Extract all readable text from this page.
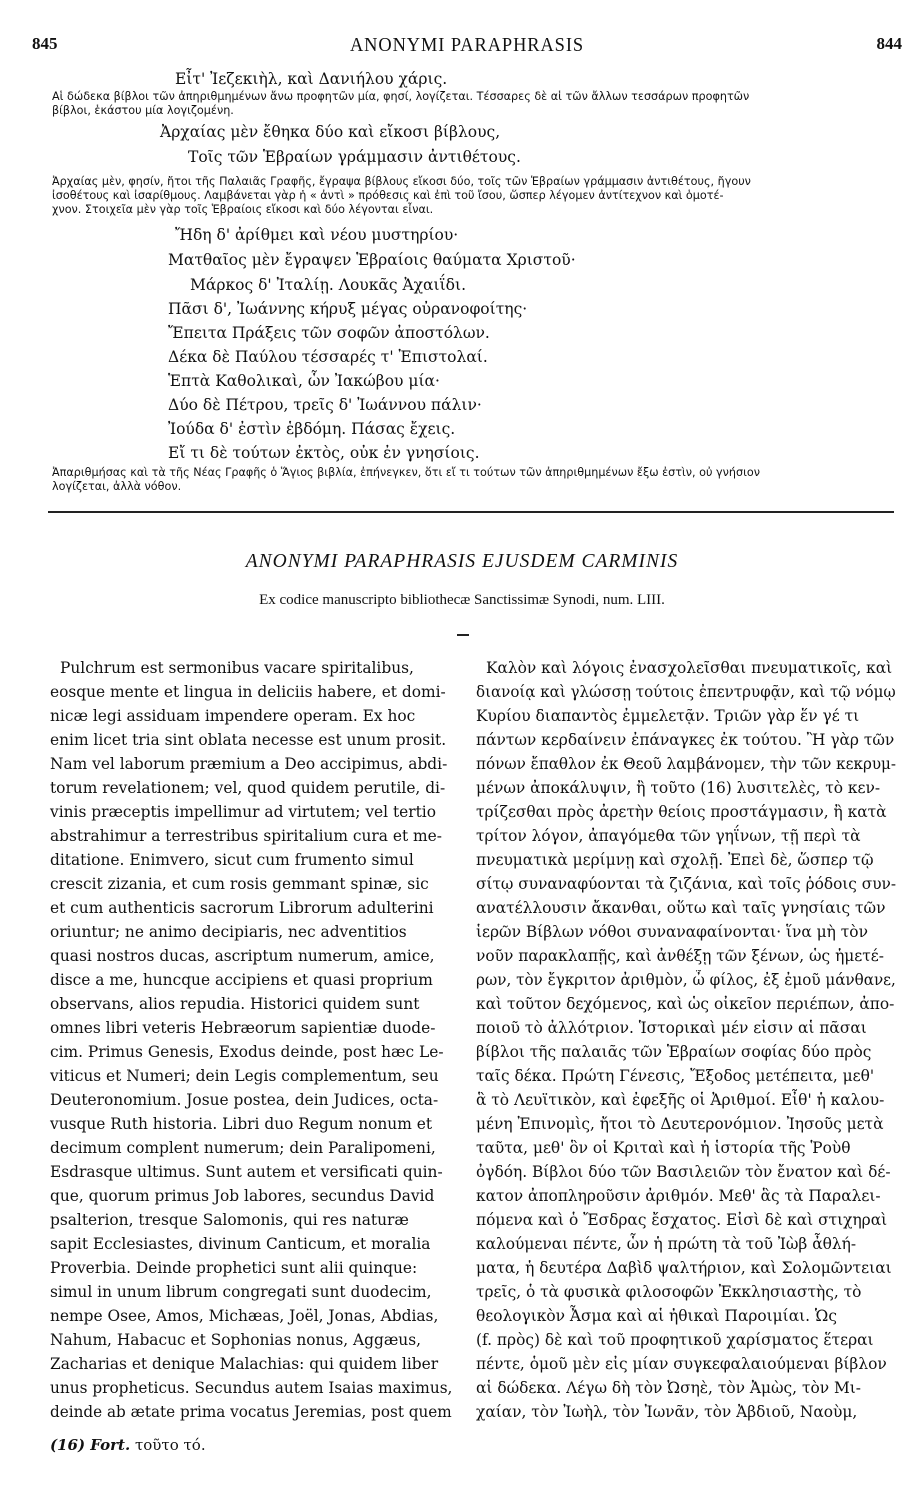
845	ANONYMI PARAPHRASIS	844
Εἶτ' Ἰεζεκιὴλ, καὶ Δανιήλου χάρις.
Αἱ δώδεκα βίβλοι τῶν ἀπηριθμημένων ἄνω προφητῶν μία, φησί, λογίζεται. Τέσσαρες δὲ αἱ τῶν ἄλλων τεσσάρων προφητῶν
βίβλοι, ἑκάστου μία λογιζομένη.
Ἀρχαίας μὲν ἔθηκα δύο καὶ εἴκοσι βίβλους,
Τοῖς τῶν Ἑβραίων γράμμασιν ἀντιθέτους.
Ἀρχαίας μὲν, φησίν, ἤτοι τῆς Παλαιᾶς Γραφῆς, ἔγραψα βίβλους εἴκοσι δύο, τοῖς τῶν Ἑβραίων γράμμασιν ἀντιθέτους, ἤγουν
ἰσοθέτους καὶ ἰσαρίθμους. Λαμβάνεται γὰρ ἡ « ἀντὶ » πρόθεσις καὶ ἐπὶ τοῦ ἴσου, ὥσπερ λέγομεν ἀντίτεχνον καὶ ὁμοτέ-
χνον. Στοιχεῖα μὲν γὰρ τοῖς Ἑβραίοις εἴκοσι καὶ δύο λέγονται εἶναι.
Ἤδη δ' ἀρίθμει καὶ νέου μυστηρίου·
Ματθαῖος μὲν ἔγραψεν Ἑβραίοις θαύματα Χριστοῦ·
Μάρκος δ' Ἰταλίῃ. Λουκᾶς Ἀχαιΐδι.
Πᾶσι δ', Ἰωάννης κήρυξ μέγας οὐρανοφοίτης·
Ἔπειτα Πράξεις τῶν σοφῶν ἀποστόλων.
Δέκα δὲ Παύλου τέσσαρές τ' Ἐπιστολαί.
Ἑπτὰ Καθολικαὶ, ὧν Ἰακώβου μία·
Δύο δὲ Πέτρου, τρεῖς δ' Ἰωάννου πάλιν·
Ἰούδα δ' ἐστὶν ἑβδόμη. Πάσας ἔχεις.
Εἴ τι δὲ τούτων ἐκτὸς, οὐκ ἐν γνησίοις.
Ἀπαριθμήσας καὶ τὰ τῆς Νέας Γραφῆς ὁ Ἅγιος βιβλία, ἐπήνεγκεν, ὅτι εἴ τι τούτων τῶν ἀπηριθμημένων ἔξω ἐστὶν, οὐ γνήσιον
λογίζεται, ἀλλὰ νόθον.
ANONYMI PARAPHRASIS EJUSDEM CARMINIS
Ex codice manuscripto bibliothecæ Sanctissimæ Synodi, num. LIII.
Pulchrum est sermonibus vacare spiritalibus,
eosque mente et lingua in deliciis habere, et domi-
nicæ legi assiduam impendere operam. Ex hoc
enim licet tria sint oblata necesse est unum prosit.
Nam vel laborum præmium a Deo accipimus, abdi-
torum revelationem; vel, quod quidem perutile, di-
vinis præceptis impellimur ad virtutem; vel tertio
abstrahimur a terrestribus spiritalium cura et me-
ditatione. Enimvero, sicut cum frumento simul
crescit zizania, et cum rosis gemmant spinæ, sic
et cum authenticis sacrorum Librorum adulterini
oriuntur; ne animo decipiaris, nec adventitios
quasi nostros ducas, ascriptum numerum, amice,
disce a me, huncque accipiens et quasi proprium
observans, alios repudia. Historici quidem sunt
omnes libri veteris Hebræorum sapientiæ duode-
cim. Primus Genesis, Exodus deinde, post hæc Le-
viticus et Numeri; dein Legis complementum, seu
Deuteronomium. Josue postea, dein Judices, octa-
vusque Ruth historia. Libri duo Regum nonum et
decimum complent numerum; dein Paralipomeni,
Esdrasque ultimus. Sunt autem et versificati quin-
que, quorum primus Job labores, secundus David
psalterion, tresque Salomonis, qui res naturæ
sapit Ecclesiastes, divinum Canticum, et moralia
Proverbia. Deinde prophetici sunt alii quinque:
simul in unum librum congregati sunt duodecim,
nempe Osee, Amos, Michæas, Joël, Jonas, Abdias,
Nahum, Habacuc et Sophonias nonus, Aggæus,
Zacharias et denique Malachias: qui quidem liber
unus propheticus. Secundus autem Isaias maximus,
deinde ab ætate prima vocatus Jeremias, post quem
Καλὸν καὶ λόγοις ἐνασχολεῖσθαι πνευματικοῖς, καὶ
διανοίᾳ καὶ γλώσσῃ τούτοις ἐπεντρυφᾷν, καὶ τῷ νόμῳ
Κυρίου διαπαντὸς ἐμμελετᾷν. Τριῶν γὰρ ἕν γέ τι
πάντων κερδαίνειν ἐπάναγκες ἐκ τούτου. Ἢ γὰρ τῶν
πόνων ἔπαθλον ἐκ Θεοῦ λαμβάνομεν, τὴν τῶν κεκρυμ-
μένων ἀποκάλυψιν, ἢ τοῦτο (16) λυσιτελὲς, τὸ κεν-
τρίζεσθαι πρὸς ἀρετὴν θείοις προστάγμασιν, ἢ κατὰ
τρίτον λόγον, ἀπαγόμεθα τῶν γηΐνων, τῇ περὶ τὰ
πνευματικὰ μερίμνῃ καὶ σχολῇ. Ἐπεὶ δὲ, ὥσπερ τῷ
σίτῳ συναναφύονται τὰ ζιζάνια, καὶ τοῖς ῥόδοις συν-
ανατέλλουσιν ἄκανθαι, οὕτω καὶ ταῖς γνησίαις τῶν
ἱερῶν Βίβλων νόθοι συναναφαίνονται· ἵνα μὴ τὸν
νοῦν παρακλαπῇς, καὶ ἀνθέξῃ τῶν ξένων, ὡς ἡμετέ-
ρων, τὸν ἔγκριτον ἀριθμὸν, ὦ φίλος, ἐξ ἐμοῦ μάνθανε,
καὶ τοῦτον δεχόμενος, καὶ ὡς οἰκεῖον περιέπων, ἀπο-
ποιοῦ τὸ ἀλλότριον. Ἱστορικαὶ μέν εἰσιν αἱ πᾶσαι
βίβλοι τῆς παλαιᾶς τῶν Ἑβραίων σοφίας δύο πρὸς
ταῖς δέκα. Πρώτη Γένεσις, Ἔξοδος μετέπειτα, μεθ'
ἃ τὸ Λευϊτικὸν, καὶ ἐφεξῆς οἱ Ἀριθμοί. Εἶθ' ἡ καλου-
μένη Ἐπινομὶς, ἤτοι τὸ Δευτερονόμιον. Ἰησοῦς μετὰ
ταῦτα, μεθ' ὃν οἱ Κριταὶ καὶ ἡ ἱστορία τῆς Ῥοὺθ
ὀγδόη. Βίβλοι δύο τῶν Βασιλειῶν τὸν ἔνατον καὶ δέ-
κατον ἀποπληροῦσιν ἀριθμόν. Μεθ' ἃς τὰ Παραλει-
πόμενα καὶ ὁ Ἔσδρας ἔσχατος. Εἰσὶ δὲ καὶ στιχηραὶ
καλούμεναι πέντε, ὧν ἡ πρώτη τὰ τοῦ Ἰὼβ ἆθλή-
ματα, ἡ δευτέρα Δαβὶδ ψαλτήριον, καὶ Σολομῶντειαι
τρεῖς, ὁ τὰ φυσικὰ φιλοσοφῶν Ἐκκλησιαστὴς, τὸ
θεολογικὸν Ἆσμα καὶ αἱ ἠθικαὶ Παροιμίαι. Ὡς
(f. πρὸς) δὲ καὶ τοῦ προφητικοῦ χαρίσματος ἕτεραι
πέντε, ὁμοῦ μὲν εἰς μίαν συγκεφαλαιούμεναι βίβλον
αἱ δώδεκα. Λέγω δὴ τὸν Ὠσηὲ, τὸν Ἀμὼς, τὸν Μι-
χαίαν, τὸν Ἰωὴλ, τὸν Ἰωνᾶν, τὸν Ἀβδιοῦ, Ναοὺμ,
(16) Fort. τοῦτο τό.
